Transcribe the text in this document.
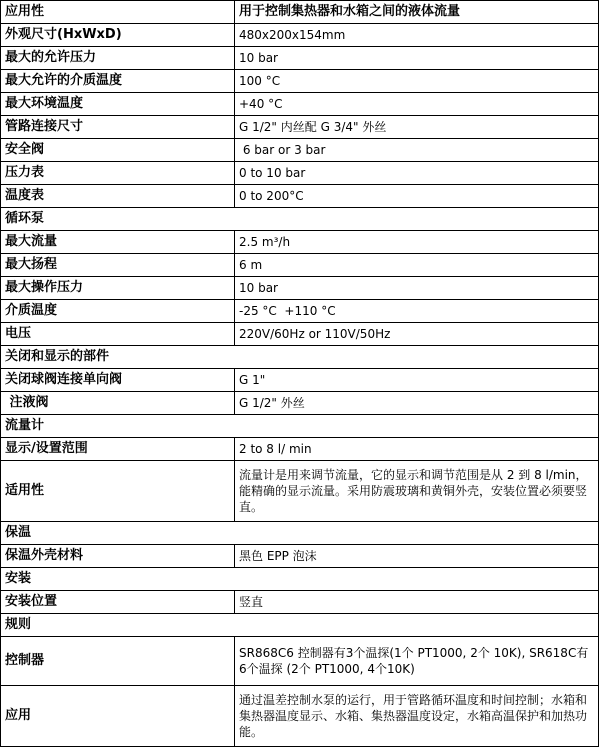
应用性	用于控制集热器和水箱之间的液体流量
外观尺寸(HxWxD)	480x200x154mm
最大的允许压力	10 bar
最大允许的介质温度	100 °C
最大环境温度	+40 °C
管路连接尺寸	G 1/2" 内丝配 G 3/4" 外丝
安全阀	6 bar or 3 bar
压力表	0 to 10 bar
温度表	0 to 200°C
循环泵	
最大流量	2.5 m³/h
最大扬程	6 m
最大操作压力	10 bar
介质温度	-25 °C  +110 °C
电压	220V/60Hz or 110V/50Hz
关闭和显示的部件	
关闭球阀连接单向阀	G 1"
注液阀	G 1/2" 外丝
流量计	
显示/设置范围	2 to 8 l/ min
适用性	流量计是用来调节流量，它的显示和调节范围是从 2 到 8 l/min，能精确的显示流量。采用防震玻璃和黄铜外壳，安装位置必须要竖直。
保温	
保温外壳材料	黑色 EPP 泡沫
安装	
安装位置	竖直
规则	
控制器	SR868C6 控制器有3个温探(1个 PT1000, 2个 10K), SR618C有6个温探 (2个 PT1000, 4个10K)
应用	通过温差控制水泵的运行，用于管路循环温度和时间控制；水箱和集热器温度显示、水箱、集热器温度设定，水箱高温保护和加热功能。
